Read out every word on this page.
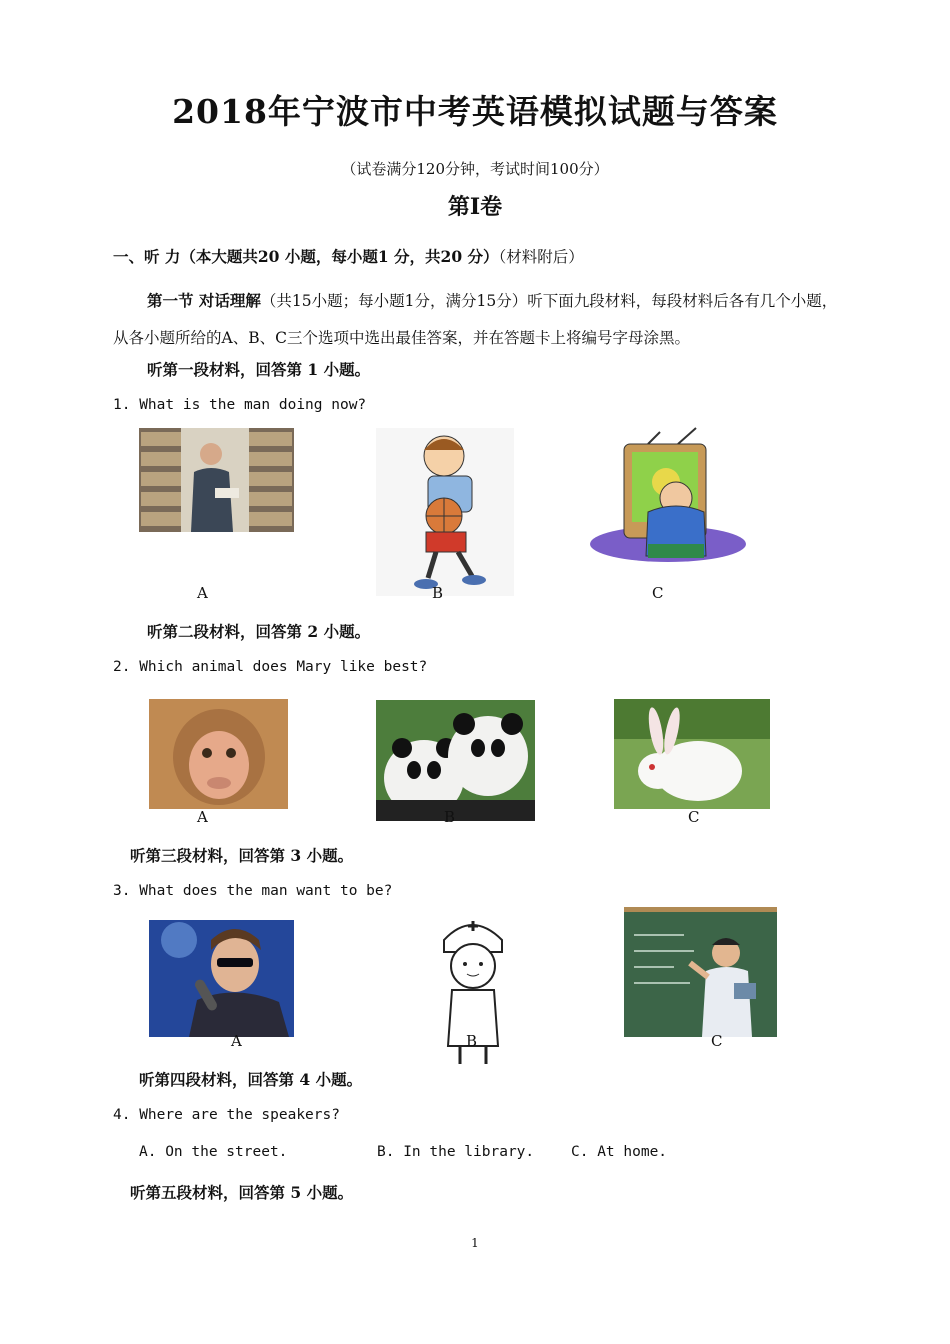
2018年宁波市中考英语模拟试题与答案
（试卷满分120分钟，考试时间100分）
第Ⅰ卷
一、听 力（本大题共20 小题，每小题1 分，共20 分）（材料附后）
第一节 对话理解（共15小题；每小题1分，满分15分）听下面九段材料，每段材料后各有几个小题，从各小题所给的A、B、C三个选项中选出最佳答案，并在答题卡上将编号字母涂黑。
听第一段材料，回答第 1 小题。
1. What is the man doing now?
A	B	C
听第二段材料，回答第 2 小题。
2. Which animal does Mary like best?
A	B	C
听第三段材料，回答第 3 小题。
3. What does the man want to be?
A	B	C
听第四段材料，回答第 4 小题。
4. Where are the speakers?
A. On the street.	B. In the library.	C. At home.
听第五段材料，回答第 5 小题。
1
